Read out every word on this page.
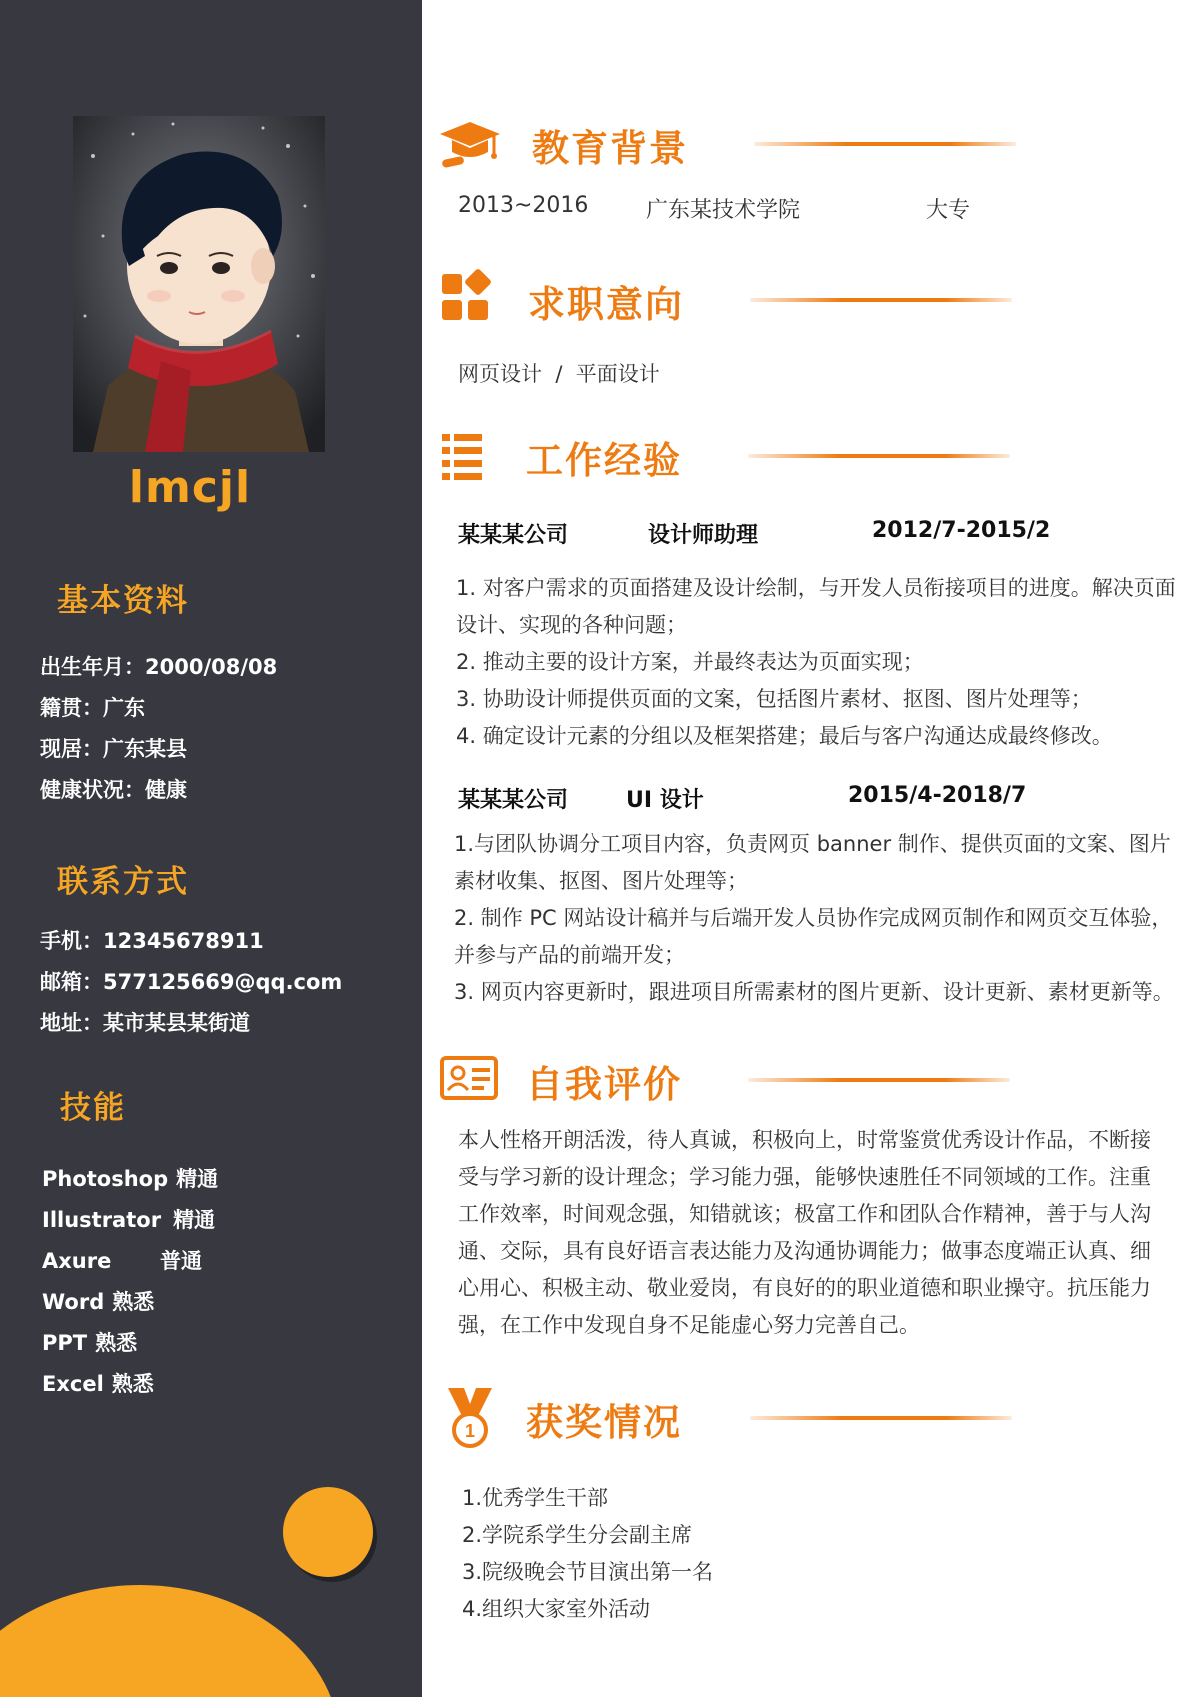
lmcjl
基本资料
出生年月：2000/08/08
籍贯：广东
现居：广东某县
健康状况：健康
联系方式
手机：12345678911
邮箱：577125669@qq.com
地址：某市某县某街道
技能
Photoshop 精通
Illustrator 精通
Axure 普通
Word 熟悉
PPT 熟悉
Excel 熟悉
教育背景
2013~2016	广东某技术学院	大专
求职意向
网页设计  /  平面设计
工作经验
某某某公司	设计师助理	2012/7-2015/2

1. 对客户需求的页面搭建及设计绘制，与开发人员衔接项目的进度。解决页面

设计、实现的各种问题；

2. 推动主要的设计方案，并最终表达为页面实现；

3. 协助设计师提供页面的文案，包括图片素材、抠图、图片处理等；

4. 确定设计元素的分组以及框架搭建；最后与客户沟通达成最终修改。

某某某公司	UI 设计	2015/4-2018/7

1.与团队协调分工项目内容，负责网页 banner 制作、提供页面的文案、图片

素材收集、抠图、图片处理等；

2. 制作 PC 网站设计稿并与后端开发人员协作完成网页制作和网页交互体验，

并参与产品的前端开发；

3. 网页内容更新时，跟进项目所需素材的图片更新、设计更新、素材更新等。

自我评价

本人性格开朗活泼，待人真诚，积极向上，时常鉴赏优秀设计作品，不断接

受与学习新的设计理念；学习能力强，能够快速胜任不同领域的工作。注重

工作效率，时间观念强，知错就该；极富工作和团队合作精神，善于与人沟

通、交际，具有良好语言表达能力及沟通协调能力；做事态度端正认真、细

心用心、积极主动、敬业爱岗，有良好的的职业道德和职业操守。抗压能力

强，在工作中发现自身不足能虚心努力完善自己。

1 获奖情况
1.优秀学生干部
2.学院系学生分会副主席
3.院级晚会节目演出第一名
4.组织大家室外活动
